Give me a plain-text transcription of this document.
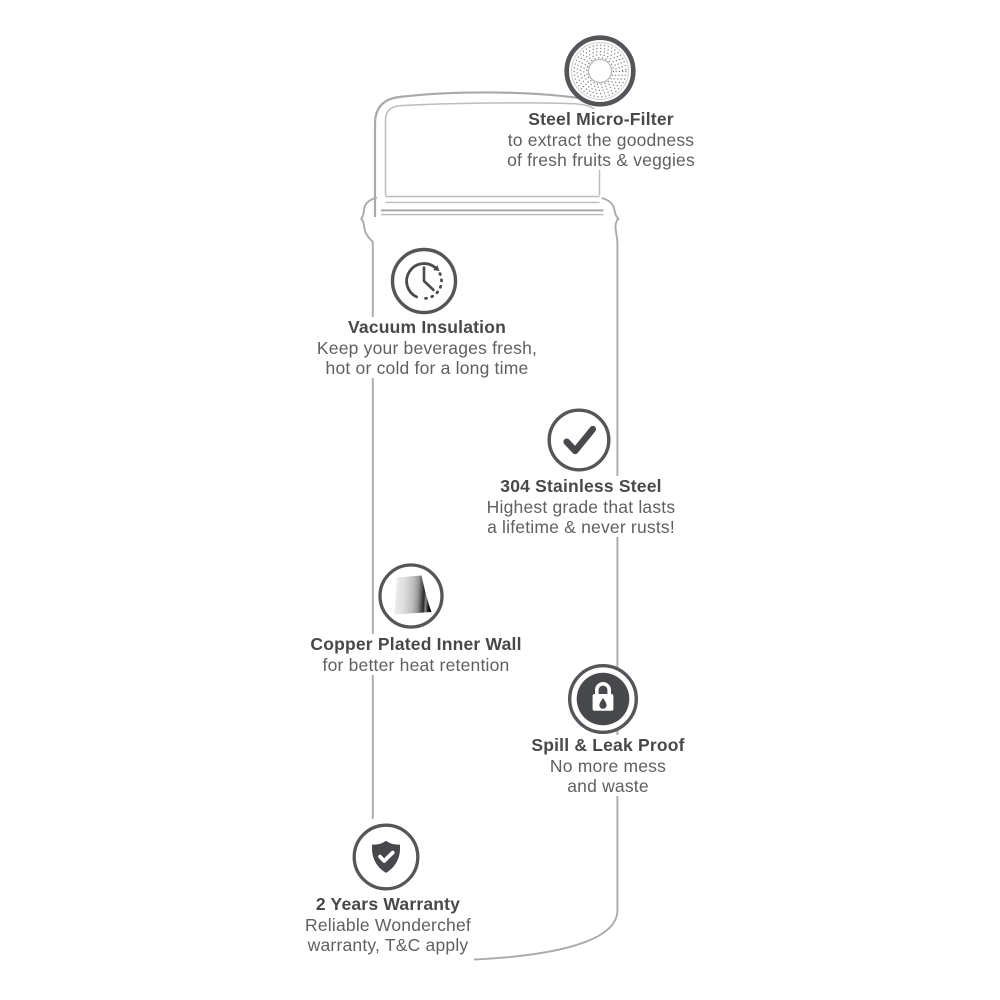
Steel Micro-Filter
to extract the goodness
of fresh fruits & veggies
Vacuum Insulation
Keep your beverages fresh,
hot or cold for a long time
304 Stainless Steel
Highest grade that lasts
a lifetime & never rusts!
Copper Plated Inner Wall
for better heat retention
Spill & Leak Proof
No more mess
and waste
2 Years Warranty
Reliable Wonderchef
warranty, T&C apply
